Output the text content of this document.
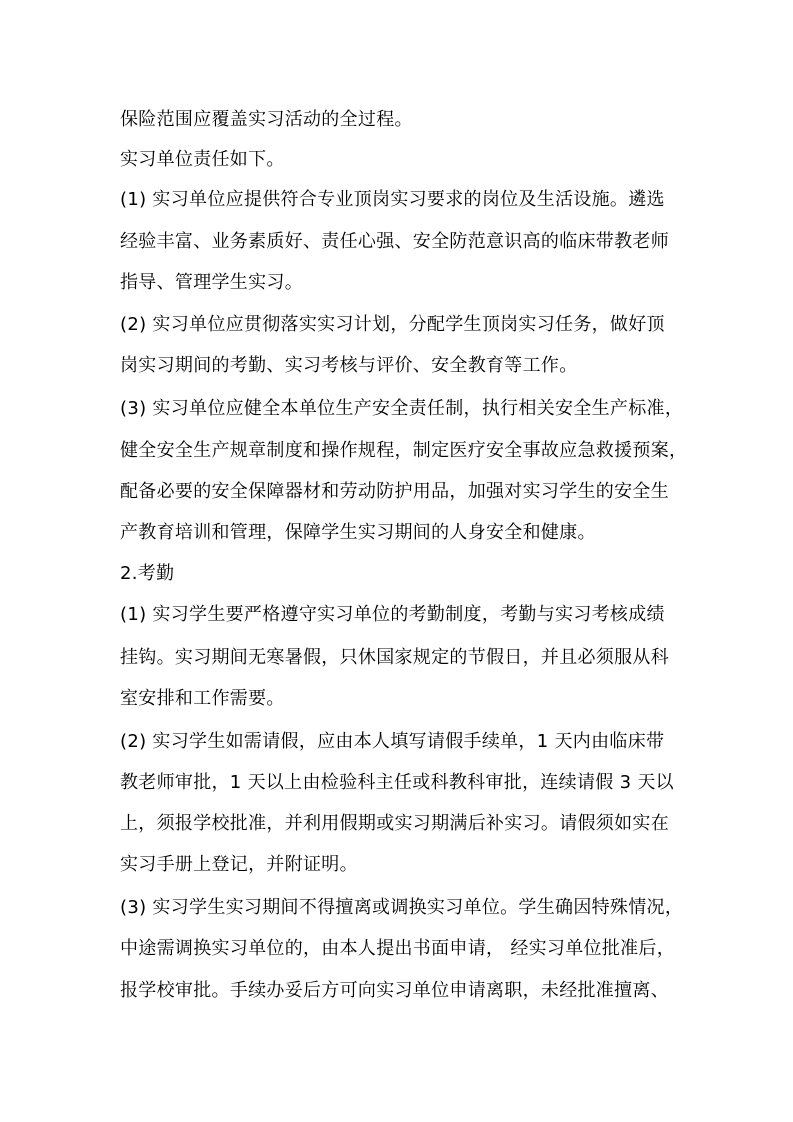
保险范围应覆盖实习活动的全过程。
实习单位责任如下。
(1) 实习单位应提供符合专业顶岗实习要求的岗位及生活设施。遴选
经验丰富、业务素质好、责任心强、安全防范意识高的临床带教老师
指导、管理学生实习。
(2) 实习单位应贯彻落实实习计划，分配学生顶岗实习任务，做好顶
岗实习期间的考勤、实习考核与评价、安全教育等工作。
(3) 实习单位应健全本单位生产安全责任制，执行相关安全生产标准，
健全安全生产规章制度和操作规程，制定医疗安全事故应急救援预案，
配备必要的安全保障器材和劳动防护用品，加强对实习学生的安全生
产教育培训和管理，保障学生实习期间的人身安全和健康。
2.考勤
(1) 实习学生要严格遵守实习单位的考勤制度，考勤与实习考核成绩
挂钩。实习期间无寒暑假，只休国家规定的节假日，并且必须服从科
室安排和工作需要。
(2) 实习学生如需请假，应由本人填写请假手续单，1 天内由临床带
教老师审批，1 天以上由检验科主任或科教科审批，连续请假 3 天以
上，须报学校批准，并利用假期或实习期满后补实习。请假须如实在
实习手册上登记，并附证明。
(3) 实习学生实习期间不得擅离或调换实习单位。学生确因特殊情况，
中途需调换实习单位的，由本人提出书面申请， 经实习单位批准后，
报学校审批。手续办妥后方可向实习单位申请离职，未经批准擅离、
